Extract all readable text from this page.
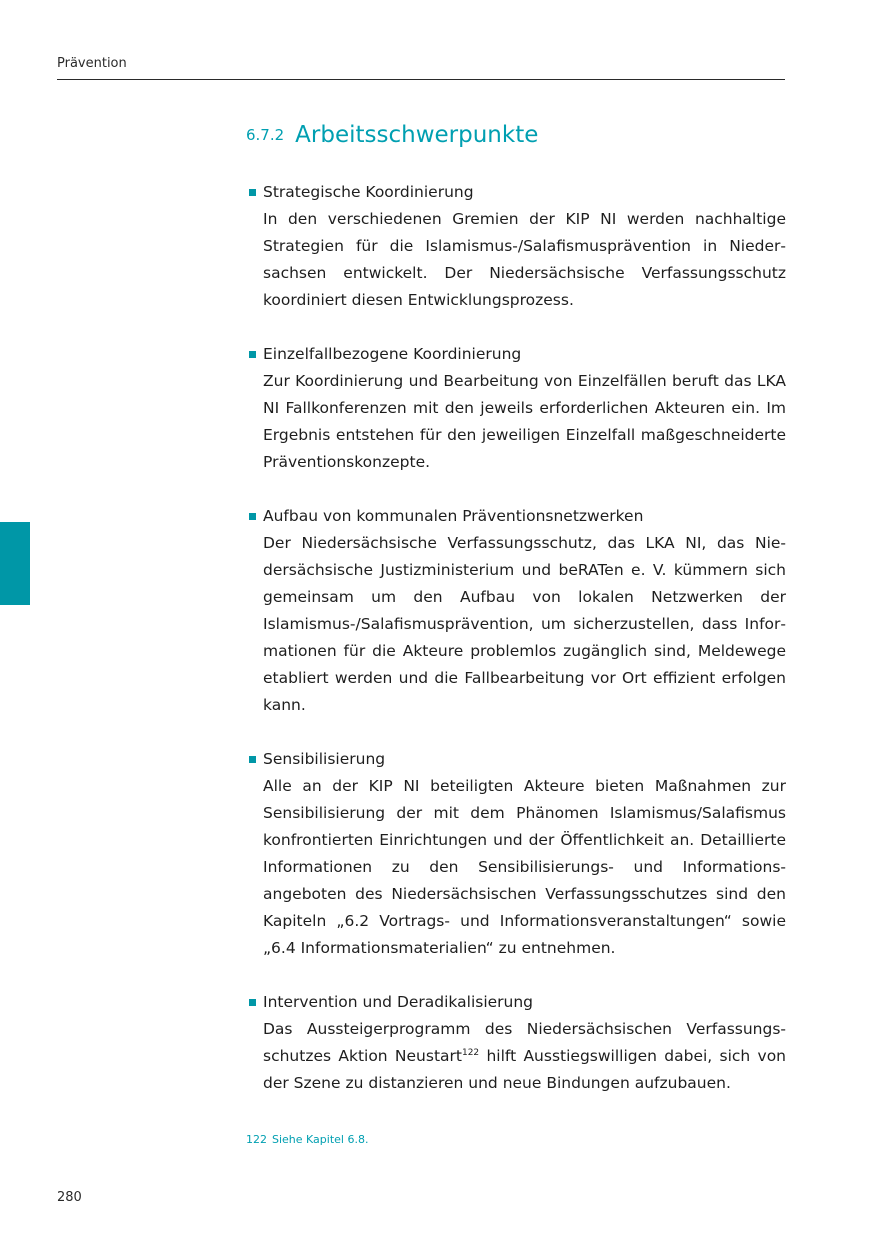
Prävention
6.7.2 Arbeitsschwerpunkte
Strategische Koordinierung
In den verschiedenen Gremien der KIP NI werden nachhaltige Strategien für die Islamismus-/Salafismusprävention in Niedersachsen entwickelt. Der Niedersächsische Verfassungsschutz koordiniert diesen Entwicklungsprozess.
Einzelfallbezogene Koordinierung
Zur Koordinierung und Bearbeitung von Einzelfällen beruft das LKA NI Fallkonferenzen mit den jeweils erforderlichen Akteuren ein. Im Ergebnis entstehen für den jeweiligen Einzelfall maßgeschneiderte Präventionskonzepte.
Aufbau von kommunalen Präventionsnetzwerken
Der Niedersächsische Verfassungsschutz, das LKA NI, das Niedersächsische Justizministerium und beRATen e. V. kümmern sich gemeinsam um den Aufbau von lokalen Netzwerken der Islamismus-/Salafismusprävention, um sicherzustellen, dass Informationen für die Akteure problemlos zugänglich sind, Meldewege etabliert werden und die Fallbearbeitung vor Ort effizient erfolgen kann.
Sensibilisierung
Alle an der KIP NI beteiligten Akteure bieten Maßnahmen zur Sensibilisierung der mit dem Phänomen Islamismus/Salafismus konfrontierten Einrichtungen und der Öffentlichkeit an. Detaillierte Informationen zu den Sensibilisierungs- und Informationsangeboten des Niedersächsischen Verfassungsschutzes sind den Kapiteln „6.2 Vortrags- und Informationsveranstaltungen“ sowie „6.4 Informationsmaterialien“ zu entnehmen.
Intervention und Deradikalisierung
Das Aussteigerprogramm des Niedersächsischen Verfassungsschutzes Aktion Neustart$^{122}$ hilft Ausstiegswilligen dabei, sich von der Szene zu distanzieren und neue Bindungen aufzubauen.
122 Siehe Kapitel 6.8.
280
